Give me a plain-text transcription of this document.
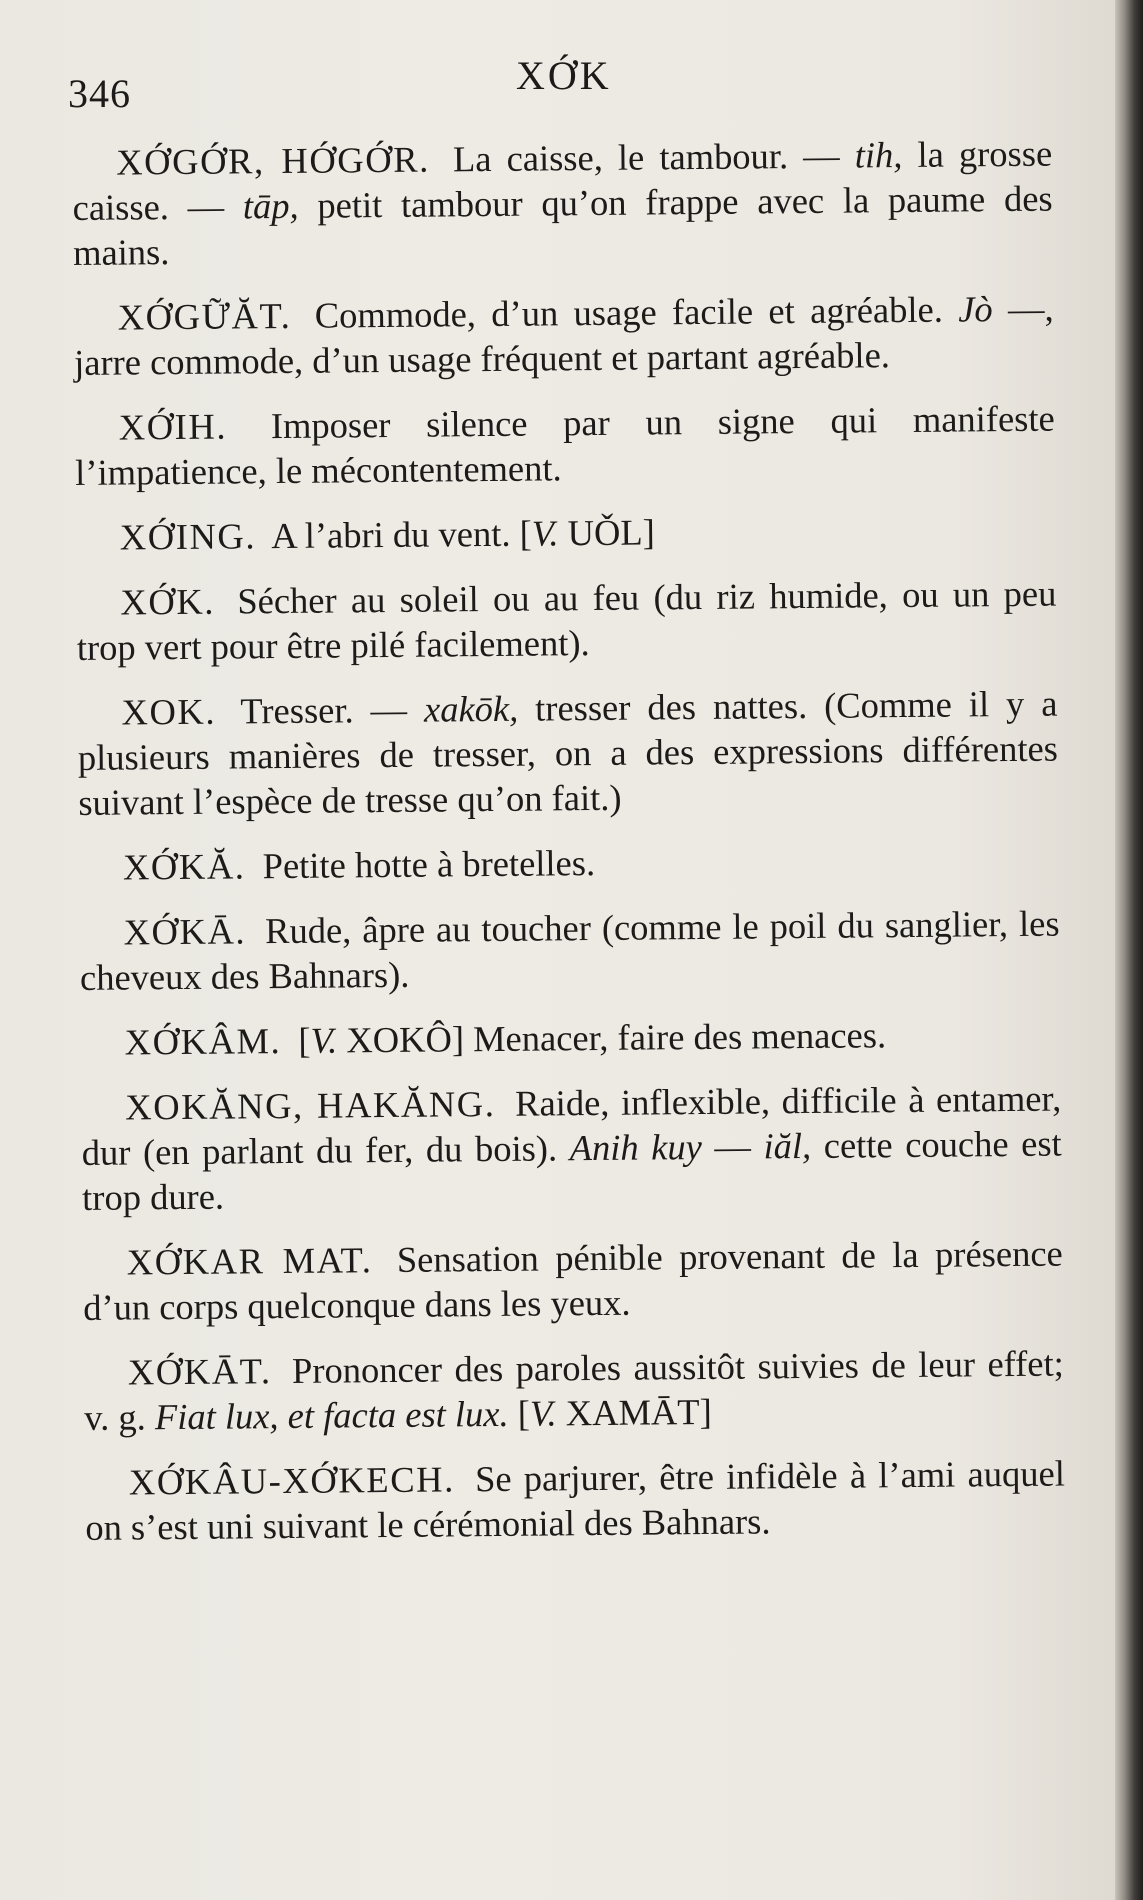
346	XỚK

XỚGỚR, HỚGỚR. La caisse, le tambour. — tih, la grosse caisse. — tāp, petit tambour qu’on frappe avec la paume des mains.

XỚGỮĂT. Commode, d’un usage facile et agréable. Jò —, jarre commode, d’un usage fréquent et partant agréable.

XỚIH. Imposer silence par un signe qui manifeste l’impatience, le mécontentement.

XỚING. A l’abri du vent. [V. UǑL]

XỚK. Sécher au soleil ou au feu (du riz humide, ou un peu trop vert pour être pilé facilement).

XOK. Tresser. — xakōk, tresser des nattes. (Comme il y a plusieurs manières de tresser, on a des expressions différentes suivant l’espèce de tresse qu’on fait.)

XỚKĂ. Petite hotte à bretelles.

XỚKĀ. Rude, âpre au toucher (comme le poil du sanglier, les cheveux des Bahnars).

XỚKÂM. [V. XOKÔ] Menacer, faire des menaces.

XOKĂNG, HAKĂNG. Raide, inflexible, difficile à entamer, dur (en parlant du fer, du bois). Anih kuy — iăl, cette couche est trop dure.

XỚKAR MAT. Sensation pénible provenant de la présence d’un corps quelconque dans les yeux.

XỚKĀT. Prononcer des paroles aussitôt suivies de leur effet; v. g. Fiat lux, et facta est lux. [V. XAMĀT]

XỚKÂU-XỚKECH. Se parjurer, être infidèle à l’ami auquel on s’est uni suivant le cérémonial des Bahnars.
